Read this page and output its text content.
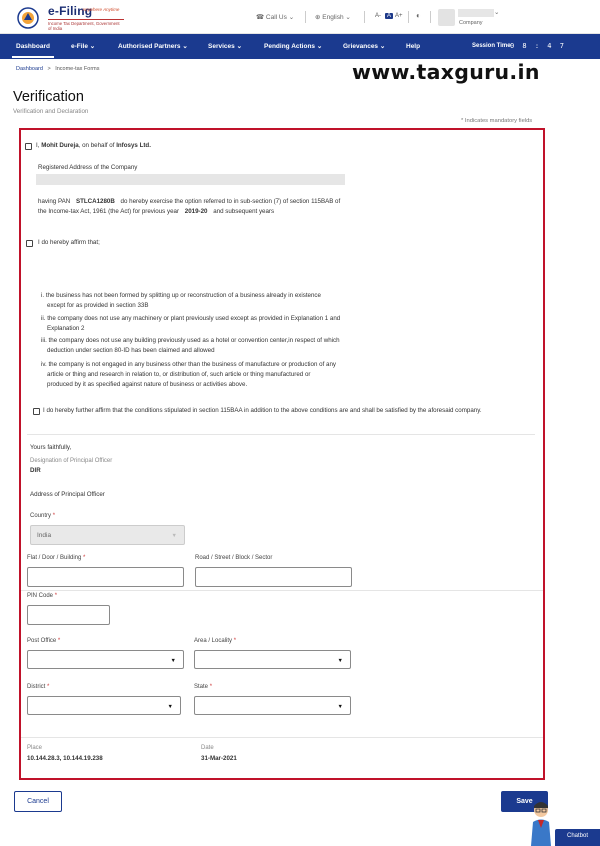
e-Filing
Anywhere Anytime
Income Tax Department, Government of India
☎ Call Us ⌄	⊕ English ⌄	A-	A A+ ◐	⌄
Company
Dashboard	e-File ⌄	Authorised Partners ⌄	Services ⌄	Pending Actions ⌄	Grievances ⌄	Help	Session Time 0 8 : 4 7
Dashboard > Income-tax Forms	www.taxguru.in
Verification
Verification and Declaration
* Indicates mandatory fields
I, Mohit Dureja, on behalf of Infosys Ltd.
Registered Address of the Company
having PAN STLCA1280B do hereby exercise the option referred to in sub-section (7) of section 115BAB of
the Income-tax Act, 1961 (the Act) for previous year 2019-20 and subsequent years
I do hereby affirm that;
i. the business has not been formed by splitting up or reconstruction of a business already in existence
except for as provided in section 33B
ii. the company does not use any machinery or plant previously used except as provided in Explanation 1 and
Explanation 2
iii. the company does not use any building previously used as a hotel or convention center,in respect of which
deduction under section 80-ID has been claimed and allowed
iv. the company is not engaged in any business other than the business of manufacture or production of any
article or thing and research in relation to, or distribution of, such article or thing manufactured or
produced by it as specified against nature of business or activities above.
I do hereby further affirm that the conditions stipulated in section 115BAA in addition to the above conditions are and shall be satisfied by the aforesaid company.
Yours faithfully,
Designation of Principal Officer
DIR
Address of Principal Officer
Country *
India	▼
Flat / Door / Building *	Road / Street / Block / Sector
PIN Code *
Post Office *
▼
Area / Locality *
▼
District *
▼
State *
▼
Place
10.144.28.3, 10.144.19.238
Date
31-Mar-2021
Cancel	Save
Chatbot
